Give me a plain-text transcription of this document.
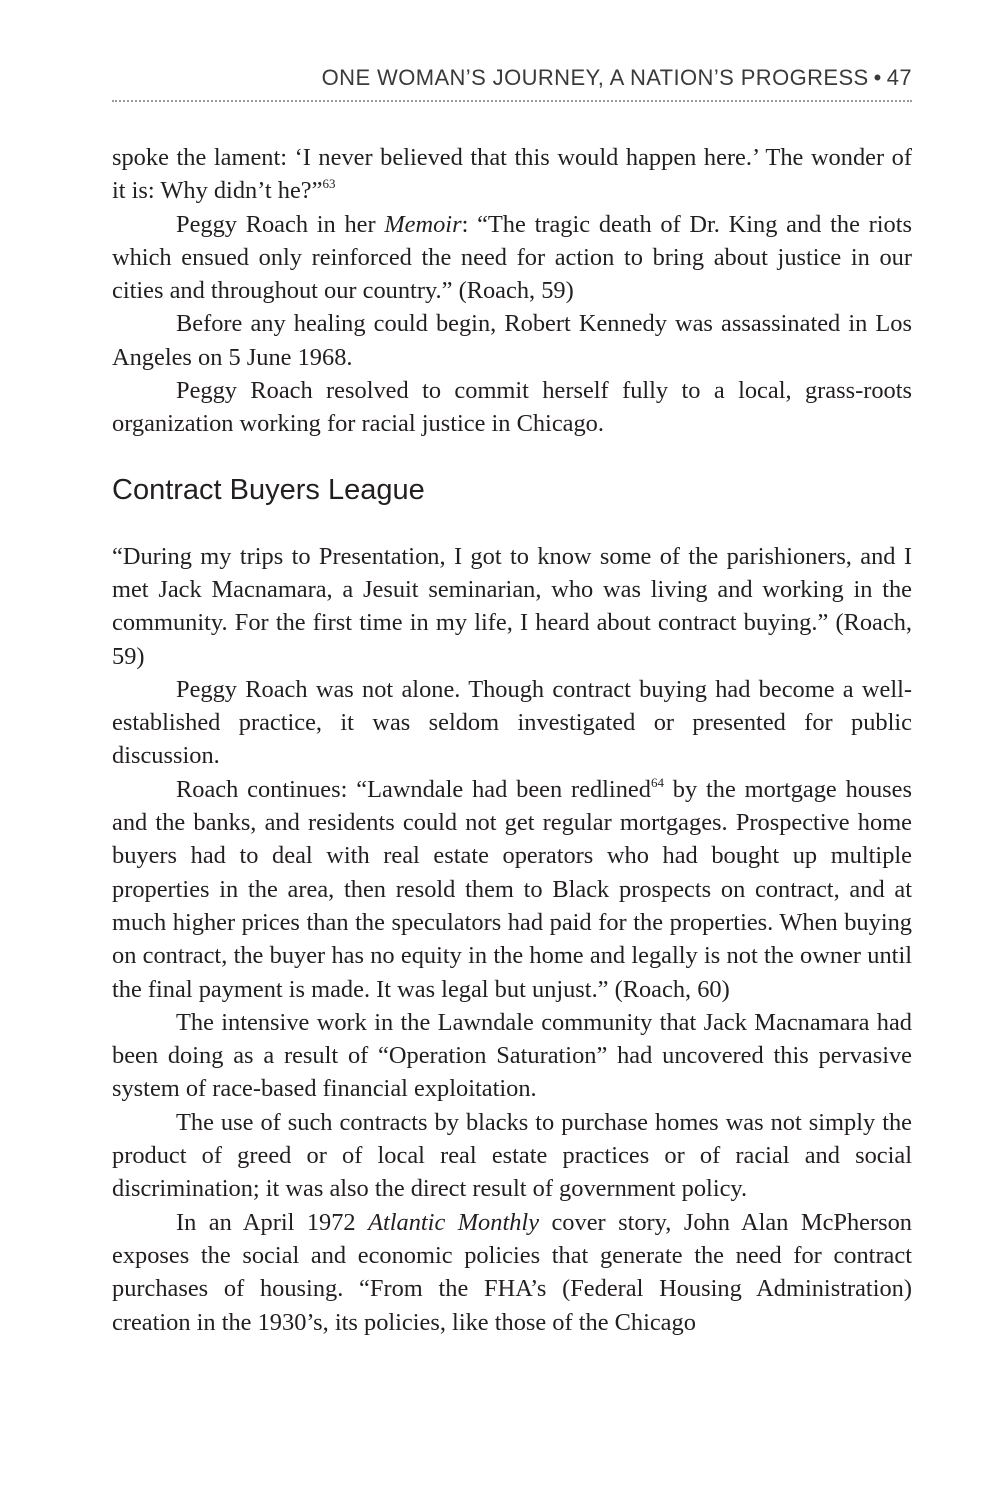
ONE WOMAN’S JOURNEY, A NATION’S PROGRESS • 47

spoke the lament: ‘I never believed that this would happen here.’ The wonder of it is: Why didn’t he?”$^{63}$

Peggy Roach in her Memoir: “The tragic death of Dr. King and the riots which ensued only reinforced the need for action to bring about justice in our cities and throughout our country.” (Roach, 59)

Before any healing could begin, Robert Kennedy was assassinated in Los Angeles on 5 June 1968.

Peggy Roach resolved to commit herself fully to a local, grass-roots organization working for racial justice in Chicago.

Contract Buyers League

“During my trips to Presentation, I got to know some of the parishioners, and I met Jack Macnamara, a Jesuit seminarian, who was living and working in the community. For the first time in my life, I heard about contract buying.” (Roach, 59)

Peggy Roach was not alone. Though contract buying had become a well-established practice, it was seldom investigated or presented for public discussion.

Roach continues: “Lawndale had been redlined$^{64}$ by the mortgage houses and the banks, and residents could not get regular mortgages. Prospective home buyers had to deal with real estate operators who had bought up multiple properties in the area, then resold them to Black prospects on contract, and at much higher prices than the speculators had paid for the properties. When buying on contract, the buyer has no equity in the home and legally is not the owner until the final payment is made. It was legal but unjust.” (Roach, 60)

The intensive work in the Lawndale community that Jack Macnamara had been doing as a result of “Operation Saturation” had uncovered this pervasive system of race-based financial exploitation.

The use of such contracts by blacks to purchase homes was not simply the product of greed or of local real estate practices or of racial and social discrimination; it was also the direct result of government policy.

In an April 1972 Atlantic Monthly cover story, John Alan McPherson exposes the social and economic policies that generate the need for contract purchases of housing. “From the FHA’s (Federal Housing Administration) creation in the 1930’s, its policies, like those of the Chicago
